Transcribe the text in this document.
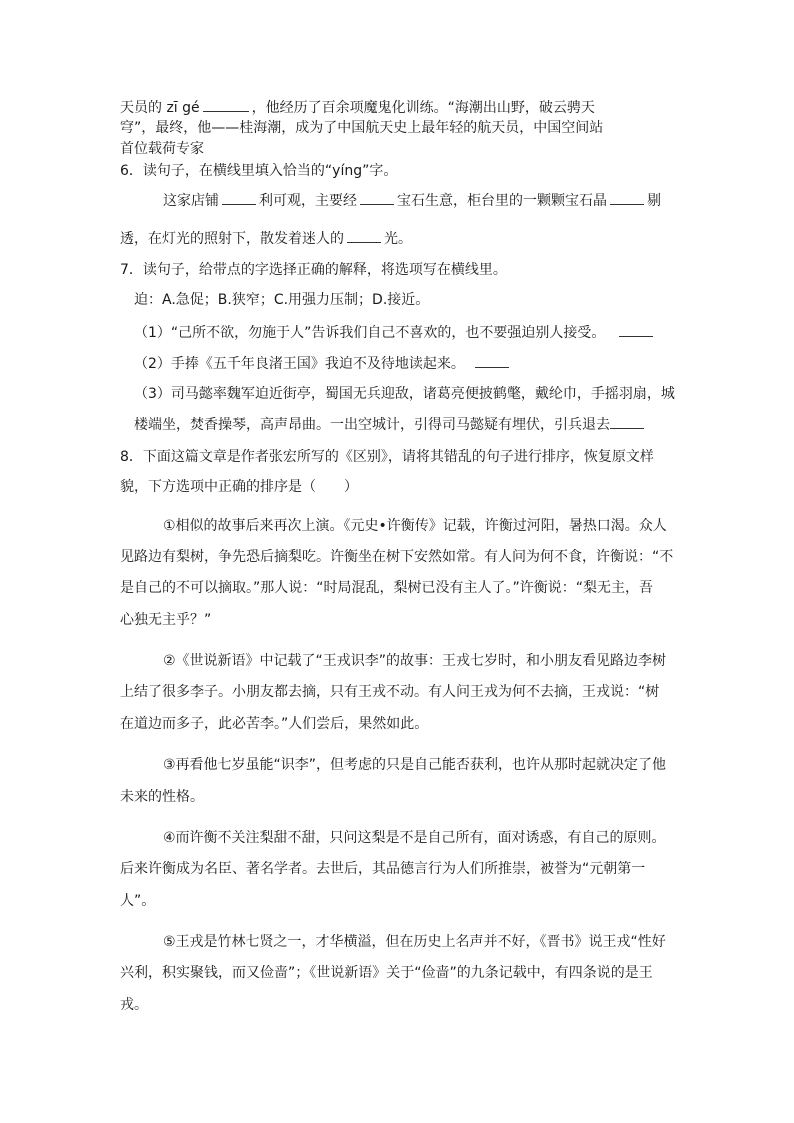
天员的 zī gé	，他经历了百余项魔鬼化训练。“海潮出山野，破云骋天
穹”，最终，他——桂海潮，成为了中国航天史上最年轻的航天员，中国空间站
首位载荷专家
6．读句子，在横线里填入恰当的“yíng”字。
这家店铺	利可观，主要经	宝石生意，柜台里的一颗颗宝石晶	剔
透，在灯光的照射下，散发着迷人的	光。
7．读句子，给带点的字选择正确的解释，将选项写在横线里。
迫：A.急促；B.狭窄；C.用强力压制；D.接近。
（1）“己所不欲，勿施于人”告诉我们自己不喜欢的，也不要强迫别人接受。
（2）手捧《五千年良渚王国》我迫不及待地读起来。
（3）司马懿率魏军迫近街亭，蜀国无兵迎敌，诸葛亮便披鹤氅，戴纶巾，手摇羽扇，城
楼端坐，焚香操琴，高声昂曲。一出空城计，引得司马懿疑有埋伏，引兵退去
8．下面这篇文章是作者张宏所写的《区别》，请将其错乱的句子进行排序，恢复原文样
貌，下方选项中正确的排序是（　　）
①相似的故事后来再次上演。《元史•许衡传》记载，许衡过河阳，暑热口渴。众人
见路边有梨树，争先恐后摘梨吃。许衡坐在树下安然如常。有人问为何不食，许衡说：“不
是自己的不可以摘取。”那人说：“时局混乱，梨树已没有主人了。”许衡说：“梨无主，吾
心独无主乎？”
②《世说新语》中记载了“王戎识李”的故事：王戎七岁时，和小朋友看见路边李树
上结了很多李子。小朋友都去摘，只有王戎不动。有人问王戎为何不去摘，王戎说：“树
在道边而多子，此必苦李。”人们尝后，果然如此。
③再看他七岁虽能“识李”，但考虑的只是自己能否获利，也许从那时起就决定了他
未来的性格。
④而许衡不关注梨甜不甜，只问这梨是不是自己所有，面对诱惑，有自己的原则。
后来许衡成为名臣、著名学者。去世后，其品德言行为人们所推崇，被誉为“元朝第一
人”。
⑤王戎是竹林七贤之一，才华横溢，但在历史上名声并不好，《晋书》说王戎“性好
兴利，积实聚钱，而又俭啬”；《世说新语》关于“俭啬”的九条记载中，有四条说的是王
戎。
